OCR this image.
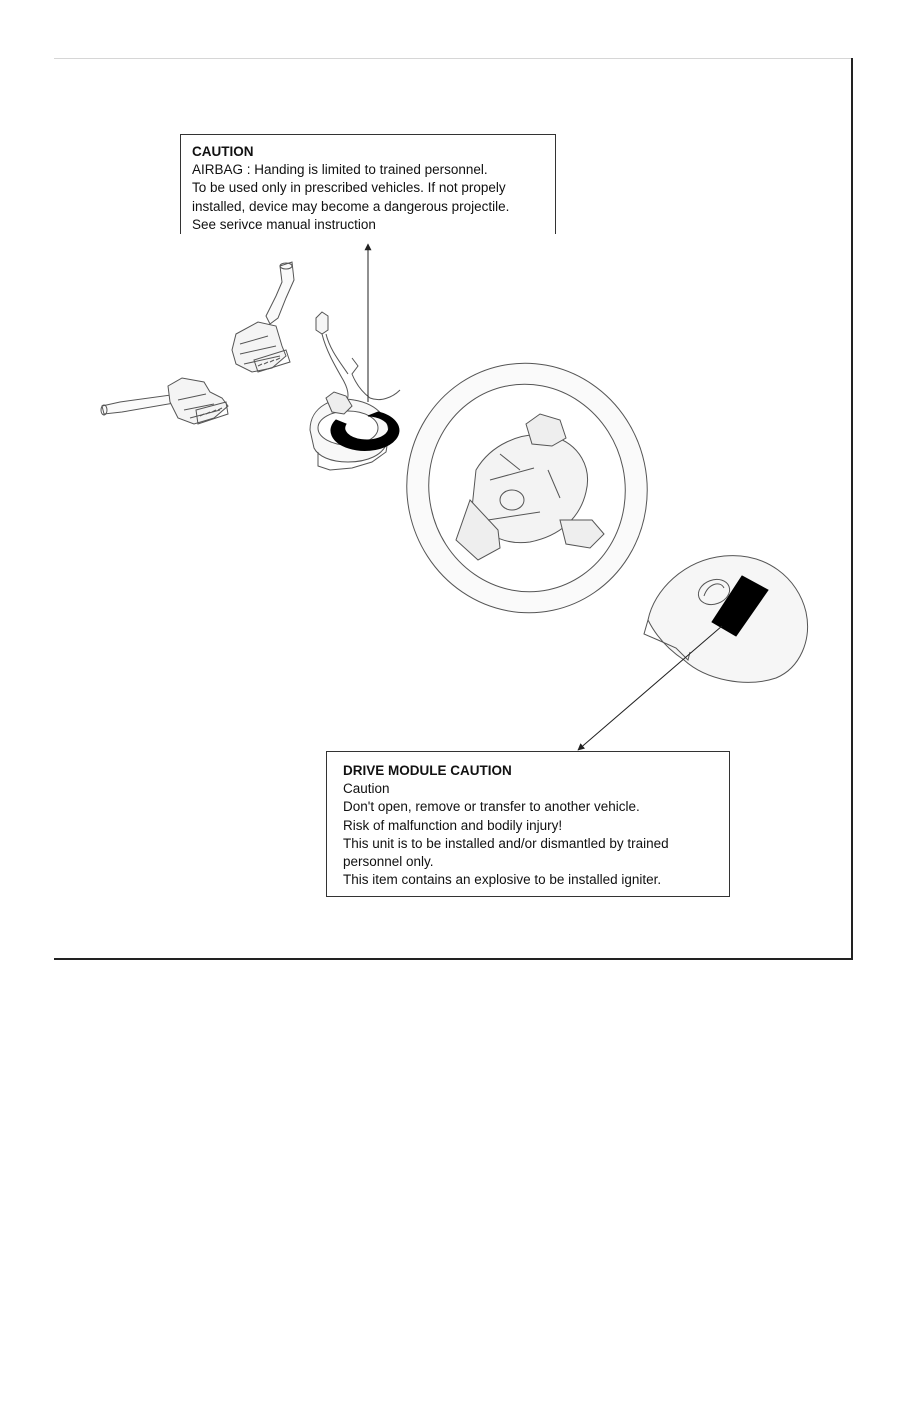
CAUTION

AIRBAG : Handing is limited to trained personnel.

To be used only in prescribed vehicles. If not propely

installed, device may become a dangerous projectile.

See serivce manual instruction

DRIVE MODULE CAUTION

Caution

Don't open, remove or transfer to another vehicle.

Risk of malfunction and bodily injury!

This unit is to be installed and/or dismantled by trained personnel only.

This item contains an explosive to be installed igniter.
